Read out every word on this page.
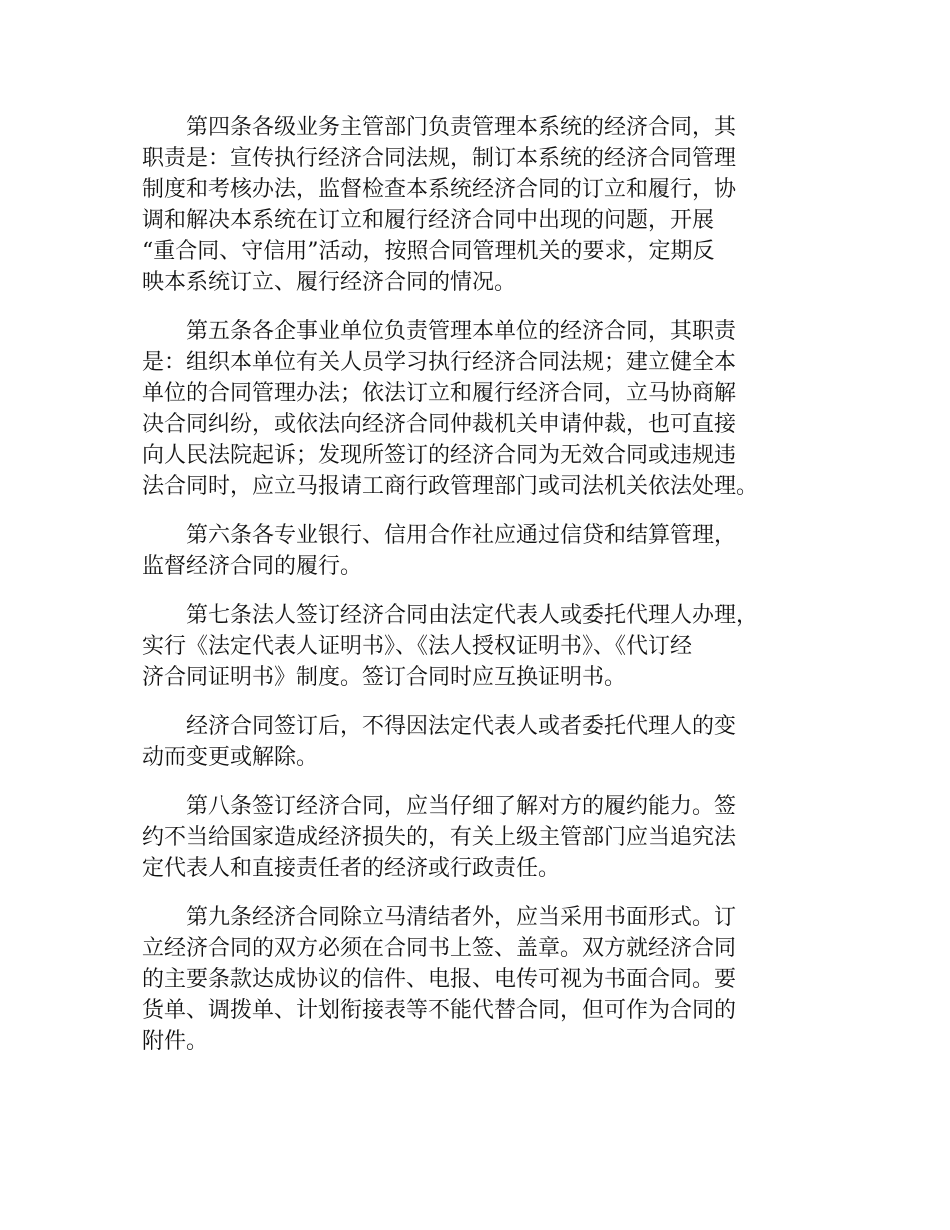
第四条各级业务主管部门负责管理本系统的经济合同，其
职责是：宣传执行经济合同法规，制订本系统的经济合同管理
制度和考核办法，监督检查本系统经济合同的订立和履行，协
调和解决本系统在订立和履行经济合同中出现的问题，开展
“重合同、守信用”活动，按照合同管理机关的要求，定期反
映本系统订立、履行经济合同的情况。

第五条各企事业单位负责管理本单位的经济合同，其职责
是：组织本单位有关人员学习执行经济合同法规；建立健全本
单位的合同管理办法；依法订立和履行经济合同，立马协商解
决合同纠纷，或依法向经济合同仲裁机关申请仲裁，也可直接
向人民法院起诉；发现所签订的经济合同为无效合同或违规违
法合同时，应立马报请工商行政管理部门或司法机关依法处理。

第六条各专业银行、信用合作社应通过信贷和结算管理，
监督经济合同的履行。

第七条法人签订经济合同由法定代表人或委托代理人办理，
实行《法定代表人证明书》、《法人授权证明书》、《代订经
济合同证明书》制度。签订合同时应互换证明书。

经济合同签订后，不得因法定代表人或者委托代理人的变
动而变更或解除。

第八条签订经济合同，应当仔细了解对方的履约能力。签
约不当给国家造成经济损失的，有关上级主管部门应当追究法
定代表人和直接责任者的经济或行政责任。

第九条经济合同除立马清结者外，应当采用书面形式。订
立经济合同的双方必须在合同书上签、盖章。双方就经济合同
的主要条款达成协议的信件、电报、电传可视为书面合同。要
货单、调拨单、计划衔接表等不能代替合同，但可作为合同的
附件。
